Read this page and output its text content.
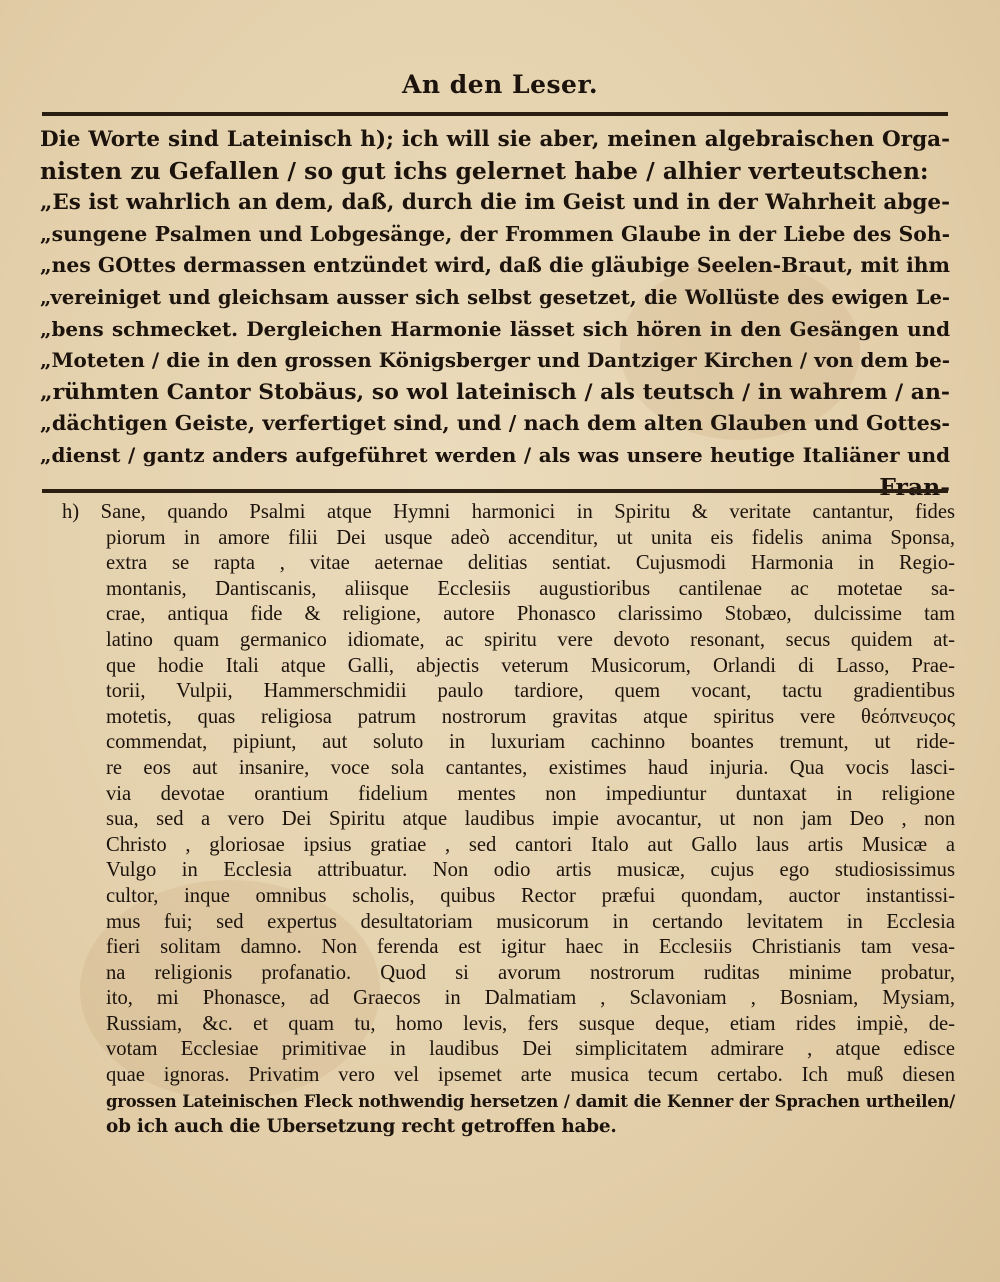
An den Leser.
Die Worte sind Lateinisch h); ich will sie aber, meinen algebraischen Orga-
nisten zu Gefallen / so gut ichs gelernet habe / alhier verteutschen:
„Es ist wahrlich an dem, daß, durch die im Geist und in der Wahrheit abge-
„sungene Psalmen und Lobgesänge, der Frommen Glaube in der Liebe des Soh-
„nes GOttes dermassen entzündet wird, daß die gläubige Seelen-Braut, mit ihm
„vereiniget und gleichsam ausser sich selbst gesetzet, die Wollüste des ewigen Le-
„bens schmecket. Dergleichen Harmonie lässet sich hören in den Gesängen und
„Moteten / die in den grossen Königsberger und Dantziger Kirchen / von dem be-
„rühmten Cantor Stobäus, so wol lateinisch / als teutsch / in wahrem / an-
„dächtigen Geiste, verfertiget sind, und / nach dem alten Glauben und Gottes-
„dienst / gantz anders aufgeführet werden / als was unsere heutige Italiäner und
Fran-
h) Sane, quando Psalmi atque Hymni harmonici in Spiritu & veritate cantantur, fides
piorum in amore filii Dei usque adeò accenditur, ut unita eis fidelis anima Sponsa,
extra se rapta , vitae aeternae delitias sentiat. Cujusmodi Harmonia in Regio-
montanis, Dantiscanis, aliisque Ecclesiis augustioribus cantilenae ac motetae sa-
crae, antiqua fide & religione, autore Phonasco clarissimo Stobæo, dulcissime tam
latino quam germanico idiomate, ac spiritu vere devoto resonant, secus quidem at-
que hodie Itali atque Galli, abjectis veterum Musicorum, Orlandi di Lasso, Prae-
torii, Vulpii, Hammerschmidii paulo tardiore, quem vocant, tactu gradientibus
motetis, quas religiosa patrum nostrorum gravitas atque spiritus vere θεόπνευςος
commendat, pipiunt, aut soluto in luxuriam cachinno boantes tremunt, ut ride-
re eos aut insanire, voce sola cantantes, existimes haud injuria. Qua vocis lasci-
via devotae orantium fidelium mentes non impediuntur duntaxat in religione
sua, sed a vero Dei Spiritu atque laudibus impie avocantur, ut non jam Deo , non
Christo , gloriosae ipsius gratiae , sed cantori Italo aut Gallo laus artis Musicæ a
Vulgo in Ecclesia attribuatur. Non odio artis musicæ, cujus ego studiosissimus
cultor, inque omnibus scholis, quibus Rector præfui quondam, auctor instantissi-
mus fui; sed expertus desultatoriam musicorum in certando levitatem in Ecclesia
fieri solitam damno. Non ferenda est igitur haec in Ecclesiis Christianis tam vesa-
na religionis profanatio. Quod si avorum nostrorum ruditas minime probatur,
ito, mi Phonasce, ad Graecos in Dalmatiam , Sclavoniam , Bosniam, Mysiam,
Russiam, &c. et quam tu, homo levis, fers susque deque, etiam rides impiè, de-
votam Ecclesiae primitivae in laudibus Dei simplicitatem admirare , atque edisce
quae ignoras. Privatim vero vel ipsemet arte musica tecum certabo. Ich muß diesen
grossen Lateinischen Fleck nothwendig hersetzen / damit die Kenner der Sprachen urtheilen/
ob ich auch die Ubersetzung recht getroffen habe.
